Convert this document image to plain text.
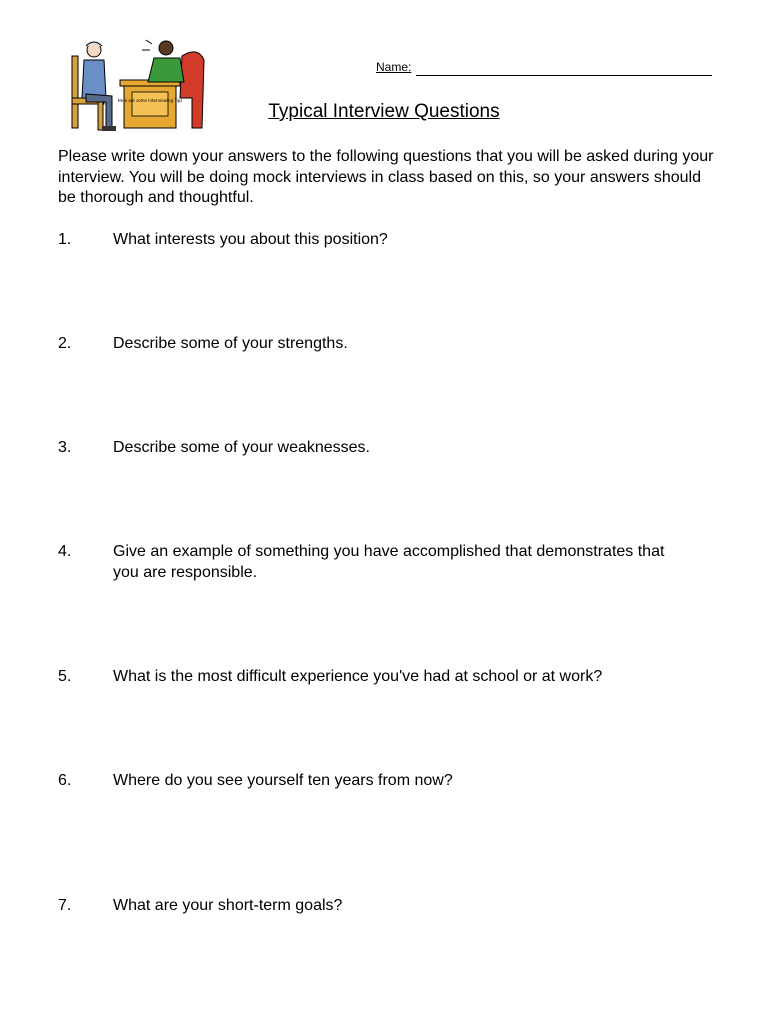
Here are some Interviewing Tips
Name:
Typical Interview Questions

Please write down your answers to the following questions that you will be asked during your interview. You will be doing mock interviews in class based on this, so your answers should be thorough and thoughtful.

1.	What interests you about this position?
2.	Describe some of your strengths.
3.	Describe some of your weaknesses.
4.	Give an example of something you have accomplished that demonstrates that you are responsible.
5.	What is the most difficult experience you've had at school or at work?
6.	Where do you see yourself ten years from now?
7.	What are your short-term goals?
